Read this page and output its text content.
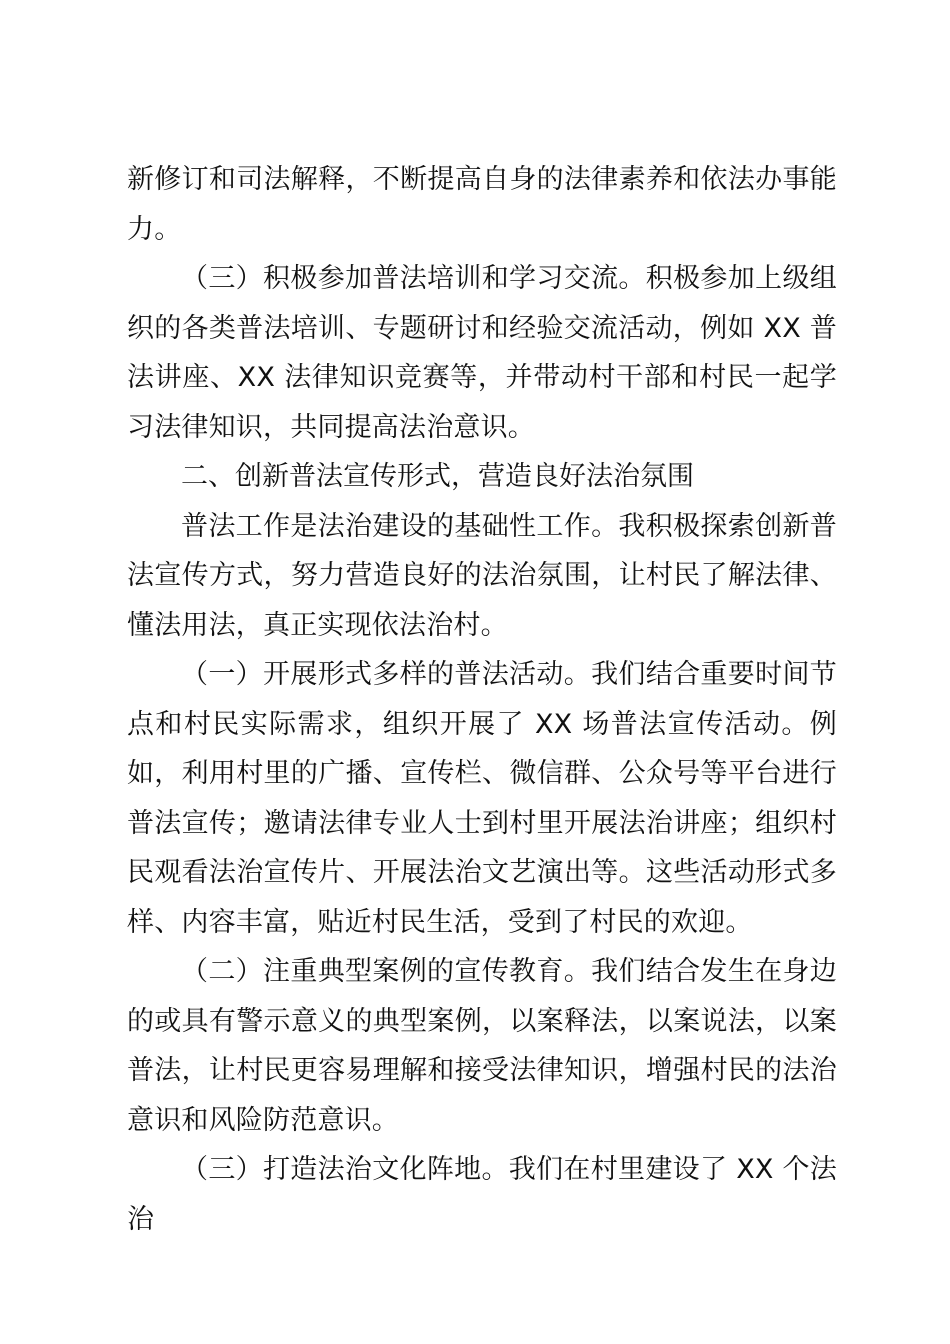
新修订和司法解释，不断提高自身的法律素养和依法办事能力。

（三）积极参加普法培训和学习交流。积极参加上级组织的各类普法培训、专题研讨和经验交流活动，例如 XX 普法讲座、XX 法律知识竞赛等，并带动村干部和村民一起学习法律知识，共同提高法治意识。

二、创新普法宣传形式，营造良好法治氛围

普法工作是法治建设的基础性工作。我积极探索创新普法宣传方式，努力营造良好的法治氛围，让村民了解法律、懂法用法，真正实现依法治村。

（一）开展形式多样的普法活动。我们结合重要时间节点和村民实际需求，组织开展了 XX 场普法宣传活动。例如，利用村里的广播、宣传栏、微信群、公众号等平台进行普法宣传；邀请法律专业人士到村里开展法治讲座；组织村民观看法治宣传片、开展法治文艺演出等。这些活动形式多样、内容丰富，贴近村民生活，受到了村民的欢迎。

（二）注重典型案例的宣传教育。我们结合发生在身边的或具有警示意义的典型案例，以案释法，以案说法，以案普法，让村民更容易理解和接受法律知识，增强村民的法治意识和风险防范意识。

（三）打造法治文化阵地。我们在村里建设了 XX 个法治
